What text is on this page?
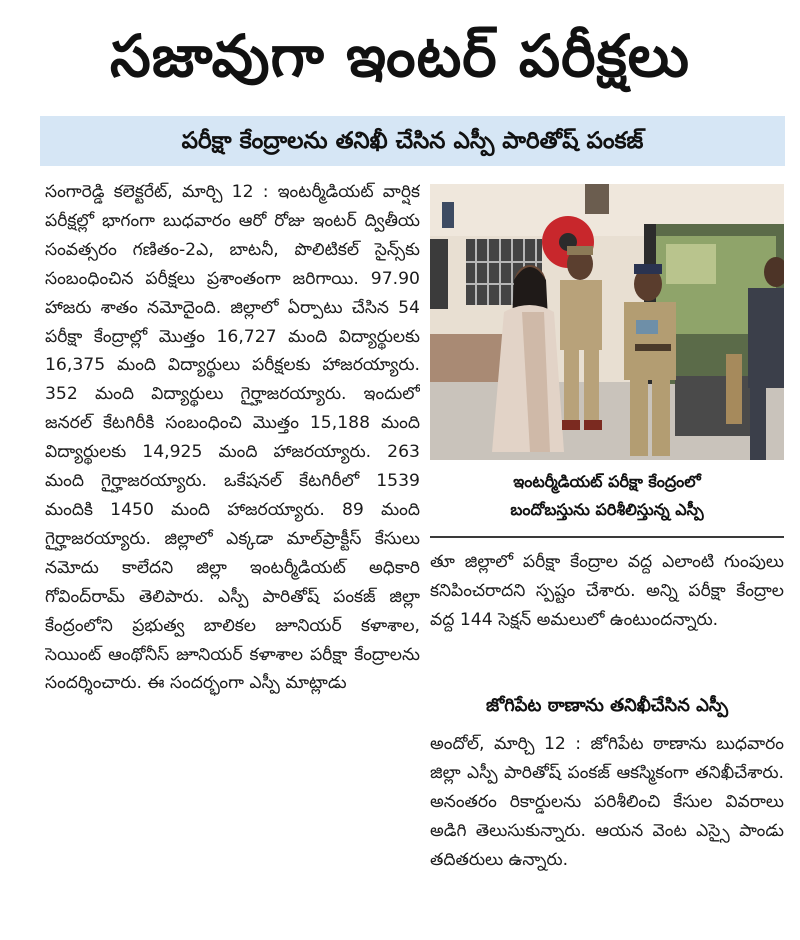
సజావుగా ఇంటర్ పరీక్షలు
పరీక్షా కేంద్రాలను తనిఖీ చేసిన ఎస్పీ పారితోష్ పంకజ్
సంగారెడ్డి కలెక్టరేట్, మార్చి 12 : ఇంటర్మీడియట్ వార్షిక పరీక్షల్లో భాగంగా బుధవారం ఆరో రోజు ఇంటర్ ద్వితీయ సంవత్సరం గణితం-2ఎ, బాటనీ, పొలిటికల్ సైన్స్‌కు సంబంధించిన పరీక్షలు ప్రశాంతంగా జరిగాయి. 97.90 హాజరు శాతం నమోదైంది. జిల్లాలో ఏర్పాటు చేసిన 54 పరీక్షా కేంద్రాల్లో మొత్తం 16,727 మంది విద్యార్థులకు 16,375 మంది విద్యార్థులు పరీక్షలకు హాజరయ్యారు. 352 మంది విద్యార్థులు గైర్హాజరయ్యారు. ఇందులో జనరల్ కేటగిరీకి సంబంధించి మొత్తం 15,188 మంది విద్యార్థులకు 14,925 మంది హాజరయ్యారు. 263 మంది గైర్హాజరయ్యారు. ఒకేషనల్ కేటగిరీలో 1539 మందికి 1450 మంది హాజరయ్యారు. 89 మంది గైర్హాజరయ్యారు. జిల్లాలో ఎక్కడా మాల్‌ప్రాక్టీస్ కేసులు నమోదు కాలేదని జిల్లా ఇంటర్మీడియట్ అధికారి గోవింద్‌రామ్ తెలిపారు. ఎస్పీ పారితోష్ పంకజ్ జిల్లా కేంద్రంలోని ప్రభుత్వ బాలికల జూనియర్ కళాశాల, సెయింట్ ఆంథోనీస్ జూనియర్ కళాశాల పరీక్షా కేంద్రాలను సందర్శించారు. ఈ సందర్భంగా ఎస్పీ మాట్లాడు
ఇంటర్మీడియట్ పరీక్షా కేంద్రంలో
బందోబస్తును పరిశీలిస్తున్న ఎస్పీ
తూ జిల్లాలో పరీక్షా కేంద్రాల వద్ద ఎలాంటి గుంపులు కనిపించరాదని స్పష్టం చేశారు. అన్ని పరీక్షా కేంద్రాల వద్ద 144 సెక్షన్ అమలులో ఉంటుందన్నారు.
జోగిపేట ఠాణాను తనిఖీచేసిన ఎస్పీ
అందోల్, మార్చి 12 : జోగిపేట ఠాణాను బుధవారం జిల్లా ఎస్పీ పారితోష్ పంకజ్ ఆకస్మికంగా తనిఖీచేశారు. అనంతరం రికార్డులను పరిశీలించి కేసుల వివరాలు అడిగి తెలుసుకున్నారు. ఆయన వెంట ఎస్సై పాండు తదితరులు ఉన్నారు.
